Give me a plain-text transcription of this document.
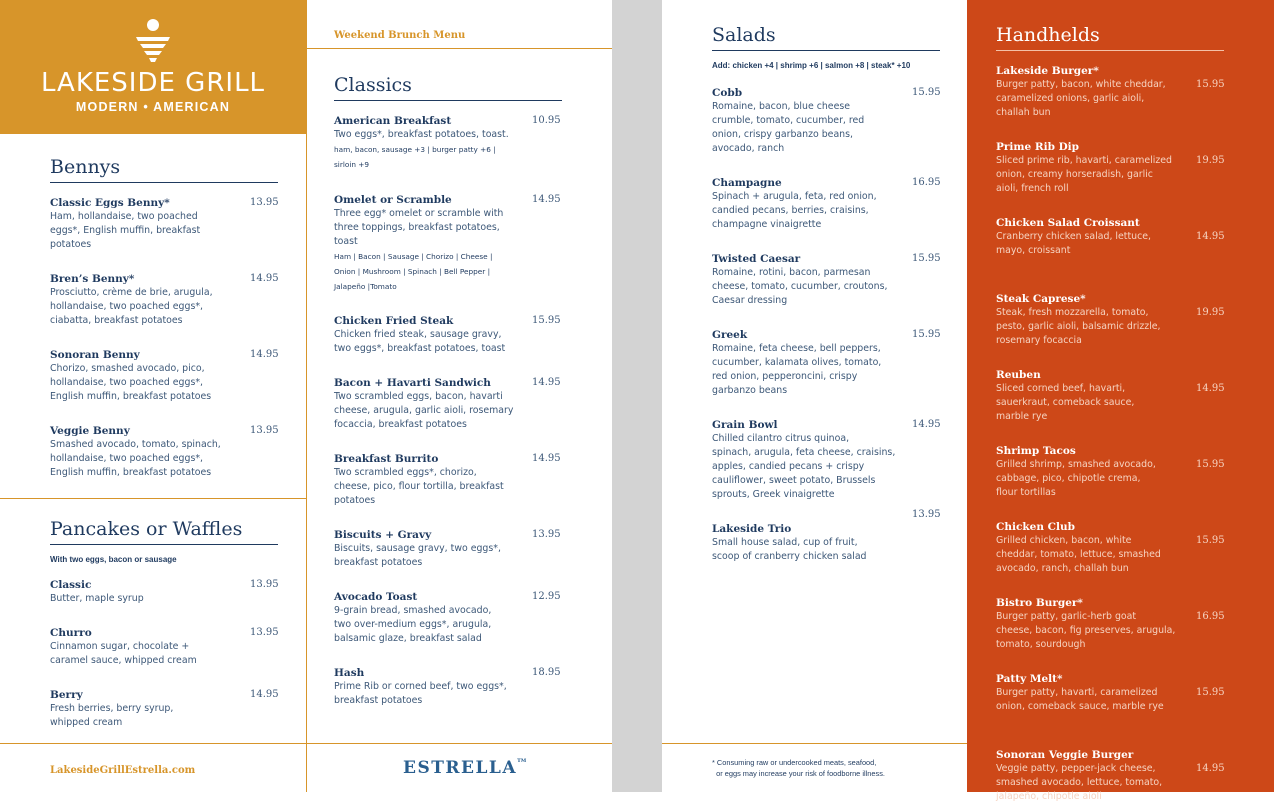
LAKESIDE GRILL
MODERN • AMERICAN
Weekend Brunch Menu
Bennys
Pancakes or Waffles
With two eggs, bacon or sausage
Classics
Salads
Add: chicken +4 | shrimp +6 | salmon +8 | steak* +10
Handhelds
LakesideGrillEstrella.com	ESTRELLA™	* Consuming raw or undercooked meats, seafood,
or eggs may increase your risk of foodborne illness.
Classic Eggs Benny*
Ham, hollandaise, two poached
eggs*, English muffin, breakfast
potatoes
13.95
Bren’s Benny*
Prosciutto, crème de brie, arugula,
hollandaise, two poached eggs*,
ciabatta, breakfast potatoes
14.95
Sonoran Benny
Chorizo, smashed avocado, pico,
hollandaise, two poached eggs*,
English muffin, breakfast potatoes
14.95
Veggie Benny
Smashed avocado, tomato, spinach,
hollandaise, two poached eggs*,
English muffin, breakfast potatoes
13.95
Classic
Butter, maple syrup
13.95
Churro
Cinnamon sugar, chocolate +
caramel sauce, whipped cream
13.95
Berry
Fresh berries, berry syrup,
whipped cream
14.95
American Breakfast
Two eggs*, breakfast potatoes, toast.
ham, bacon, sausage +3 | burger patty +6 |
sirloin +9
10.95
Omelet or Scramble
Three egg* omelet or scramble with
three toppings, breakfast potatoes,
toast
Ham | Bacon | Sausage | Chorizo | Cheese |
Onion | Mushroom | Spinach | Bell Pepper |
Jalapeño |Tomato
14.95
Chicken Fried Steak
Chicken fried steak, sausage gravy,
two eggs*, breakfast potatoes, toast
15.95
Bacon + Havarti Sandwich
Two scrambled eggs, bacon, havarti
cheese, arugula, garlic aioli, rosemary
focaccia, breakfast potatoes
14.95
Breakfast Burrito
Two scrambled eggs*, chorizo,
cheese, pico, flour tortilla, breakfast
potatoes
14.95
Biscuits + Gravy
Biscuits, sausage gravy, two eggs*,
breakfast potatoes
13.95
Avocado Toast
9-grain bread, smashed avocado,
two over-medium eggs*, arugula,
balsamic glaze, breakfast salad
12.95
Hash
Prime Rib or corned beef, two eggs*,
breakfast potatoes
18.95
Cobb
Romaine, bacon, blue cheese
crumble, tomato, cucumber, red
onion, crispy garbanzo beans,
avocado, ranch
15.95
Champagne
Spinach + arugula, feta, red onion,
candied pecans, berries, craisins,
champagne vinaigrette
16.95
Twisted Caesar
Romaine, rotini, bacon, parmesan
cheese, tomato, cucumber, croutons,
Caesar dressing
15.95
Greek
Romaine, feta cheese, bell peppers,
cucumber, kalamata olives, tomato,
red onion, pepperoncini, crispy
garbanzo beans
15.95
Grain Bowl
Chilled cilantro citrus quinoa,
spinach, arugula, feta cheese, craisins,
apples, candied pecans + crispy
cauliflower, sweet potato, Brussels
sprouts, Greek vinaigrette
14.95
Lakeside Trio
Small house salad, cup of fruit,
scoop of cranberry chicken salad
13.95
Lakeside Burger*
Burger patty, bacon, white cheddar,
caramelized onions, garlic aioli,
challah bun
15.95
Prime Rib Dip
Sliced prime rib, havarti, caramelized
onion, creamy horseradish, garlic
aioli, french roll
19.95
Chicken Salad Croissant
Cranberry chicken salad, lettuce,
mayo, croissant
14.95
Steak Caprese*
Steak, fresh mozzarella, tomato,
pesto, garlic aioli, balsamic drizzle,
rosemary focaccia
19.95
Reuben
Sliced corned beef, havarti,
sauerkraut, comeback sauce,
marble rye
14.95
Shrimp Tacos
Grilled shrimp, smashed avocado,
cabbage, pico, chipotle crema,
flour tortillas
15.95
Chicken Club
Grilled chicken, bacon, white
cheddar, tomato, lettuce, smashed
avocado, ranch, challah bun
15.95
Bistro Burger*
Burger patty, garlic-herb goat
cheese, bacon, fig preserves, arugula,
tomato, sourdough
16.95
Patty Melt*
Burger patty, havarti, caramelized
onion, comeback sauce, marble rye
15.95
Sonoran Veggie Burger
Veggie patty, pepper-jack cheese,
smashed avocado, lettuce, tomato,
jalapeño, chipotle aioli
14.95
